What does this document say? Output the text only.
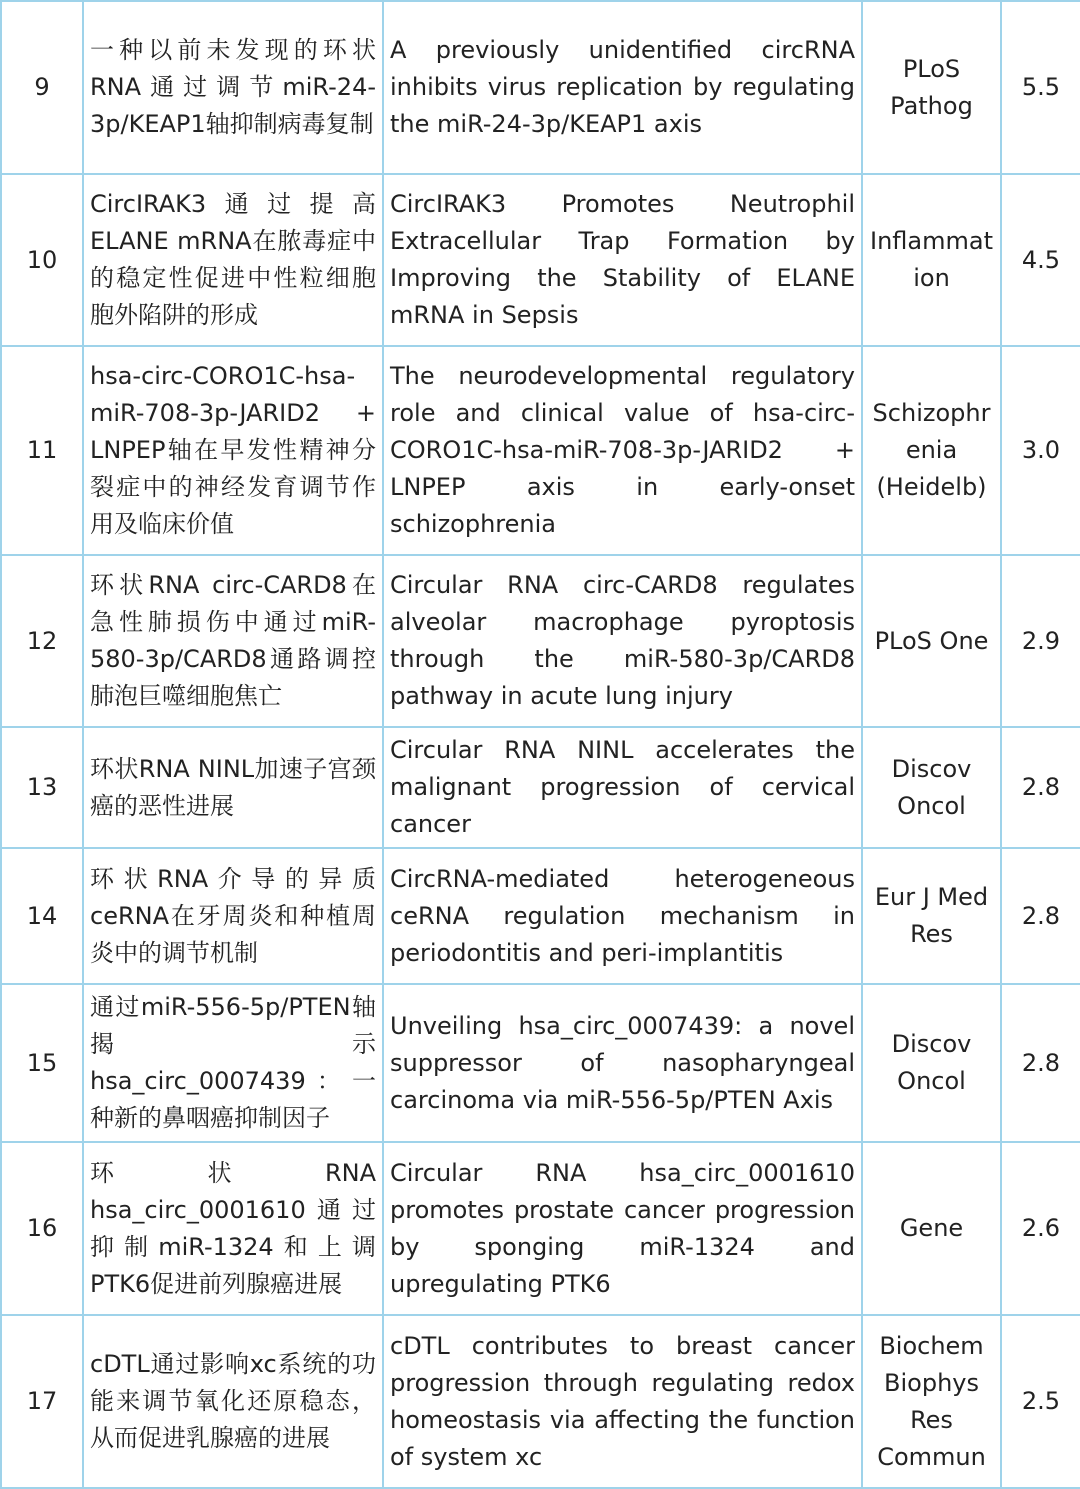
9	一种以前未发现的环状RNA通过调节miR-24-3p/KEAP1轴抑制病毒复制	A previously unidentified circRNA inhibits virus replication by regulating the miR-24-3p/KEAP1 axis	PLoS Pathog	5.5
10	CircIRAK3通过提高ELANE mRNA在脓毒症中的稳定性促进中性粒细胞胞外陷阱的形成	CircIRAK3 Promotes Neutrophil Extracellular Trap Formation by Improving the Stability of ELANE mRNA in Sepsis	Inflammation	4.5
11	hsa-circ-CORO1C-hsa-miR-708-3p-JARID2 + LNPEP轴在早发性精神分裂症中的神经发育调节作用及临床价值	The neurodevelopmental regulatory role and clinical value of hsa-circ-CORO1C-hsa-miR-708-3p-JARID2 + LNPEP axis in early-onset schizophrenia	Schizophrenia (Heidelb)	3.0
12	环状RNA circ-CARD8在急性肺损伤中通过miR-580-3p/CARD8通路调控肺泡巨噬细胞焦亡	Circular RNA circ-CARD8 regulates alveolar macrophage pyroptosis through the miR-580-3p/CARD8 pathway in acute lung injury	PLoS One	2.9
13	环状RNA NINL加速子宫颈癌的恶性进展	Circular RNA NINL accelerates the malignant progression of cervical cancer	Discov Oncol	2.8
14	环状RNA介导的异质ceRNA在牙周炎和种植周炎中的调节机制	CircRNA-mediated heterogeneous ceRNA regulation mechanism in periodontitis and peri-implantitis	Eur J Med Res	2.8
15	通过miR-556-5p/PTEN轴揭示hsa_circ_0007439：一种新的鼻咽癌抑制因子	Unveiling hsa_circ_0007439: a novel suppressor of nasopharyngeal carcinoma via miR-556-5p/PTEN Axis	Discov Oncol	2.8
16	环状RNA hsa_circ_0001610通过抑制miR-1324和上调PTK6促进前列腺癌进展	Circular RNA hsa_circ_0001610 promotes prostate cancer progression by sponging miR-1324 and upregulating PTK6	Gene	2.6
17	cDTL通过影响xc系统的功能来调节氧化还原稳态，从而促进乳腺癌的进展	cDTL contributes to breast cancer progression through regulating redox homeostasis via affecting the function of system xc	Biochem Biophys Res Commun	2.5
